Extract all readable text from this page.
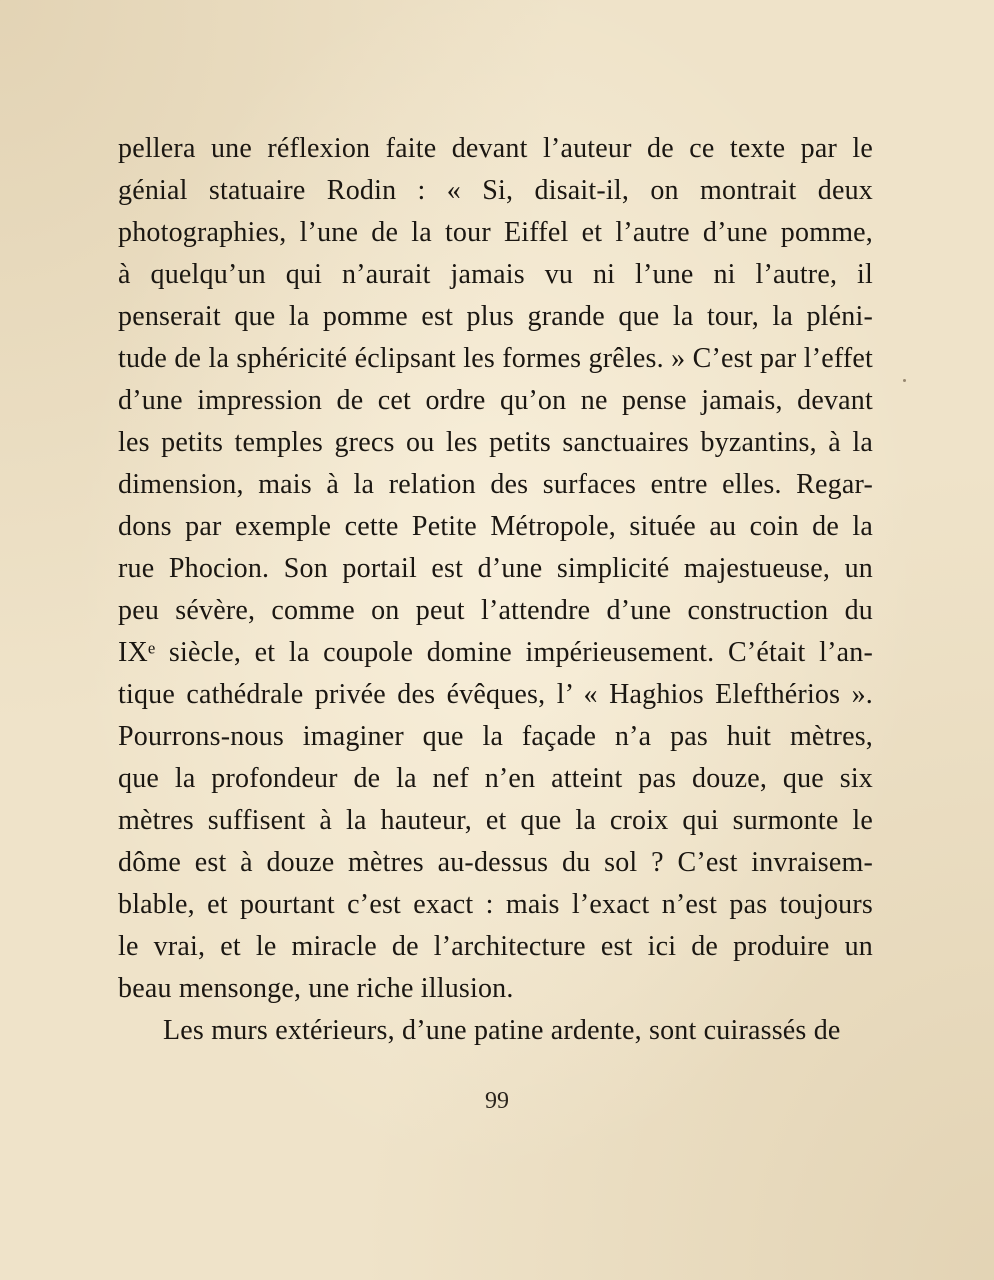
pellera une réflexion faite devant l’auteur de ce texte par le
génial statuaire Rodin : « Si, disait-il, on montrait deux
photographies, l’une de la tour Eiffel et l’autre d’une pomme,
à quelqu’un qui n’aurait jamais vu ni l’une ni l’autre, il
penserait que la pomme est plus grande que la tour, la pléni-
tude de la sphéricité éclipsant les formes grêles. » C’est par l’effet
d’une impression de cet ordre qu’on ne pense jamais, devant
les petits temples grecs ou les petits sanctuaires byzantins, à la
dimension, mais à la relation des surfaces entre elles. Regar-
dons par exemple cette Petite Métropole, située au coin de la
rue Phocion. Son portail est d’une simplicité majestueuse, un
peu sévère, comme on peut l’attendre d’une construction du
IXᵉ siècle, et la coupole domine impérieusement. C’était l’an-
tique cathédrale privée des évêques, l’ « Haghios Elefthérios ».
Pourrons-nous imaginer que la façade n’a pas huit mètres,
que la profondeur de la nef n’en atteint pas douze, que six
mètres suffisent à la hauteur, et que la croix qui surmonte le
dôme est à douze mètres au-dessus du sol ? C’est invraisem-
blable, et pourtant c’est exact : mais l’exact n’est pas toujours
le vrai, et le miracle de l’architecture est ici de produire un
beau mensonge, une riche illusion.
Les murs extérieurs, d’une patine ardente, sont cuirassés de
99
